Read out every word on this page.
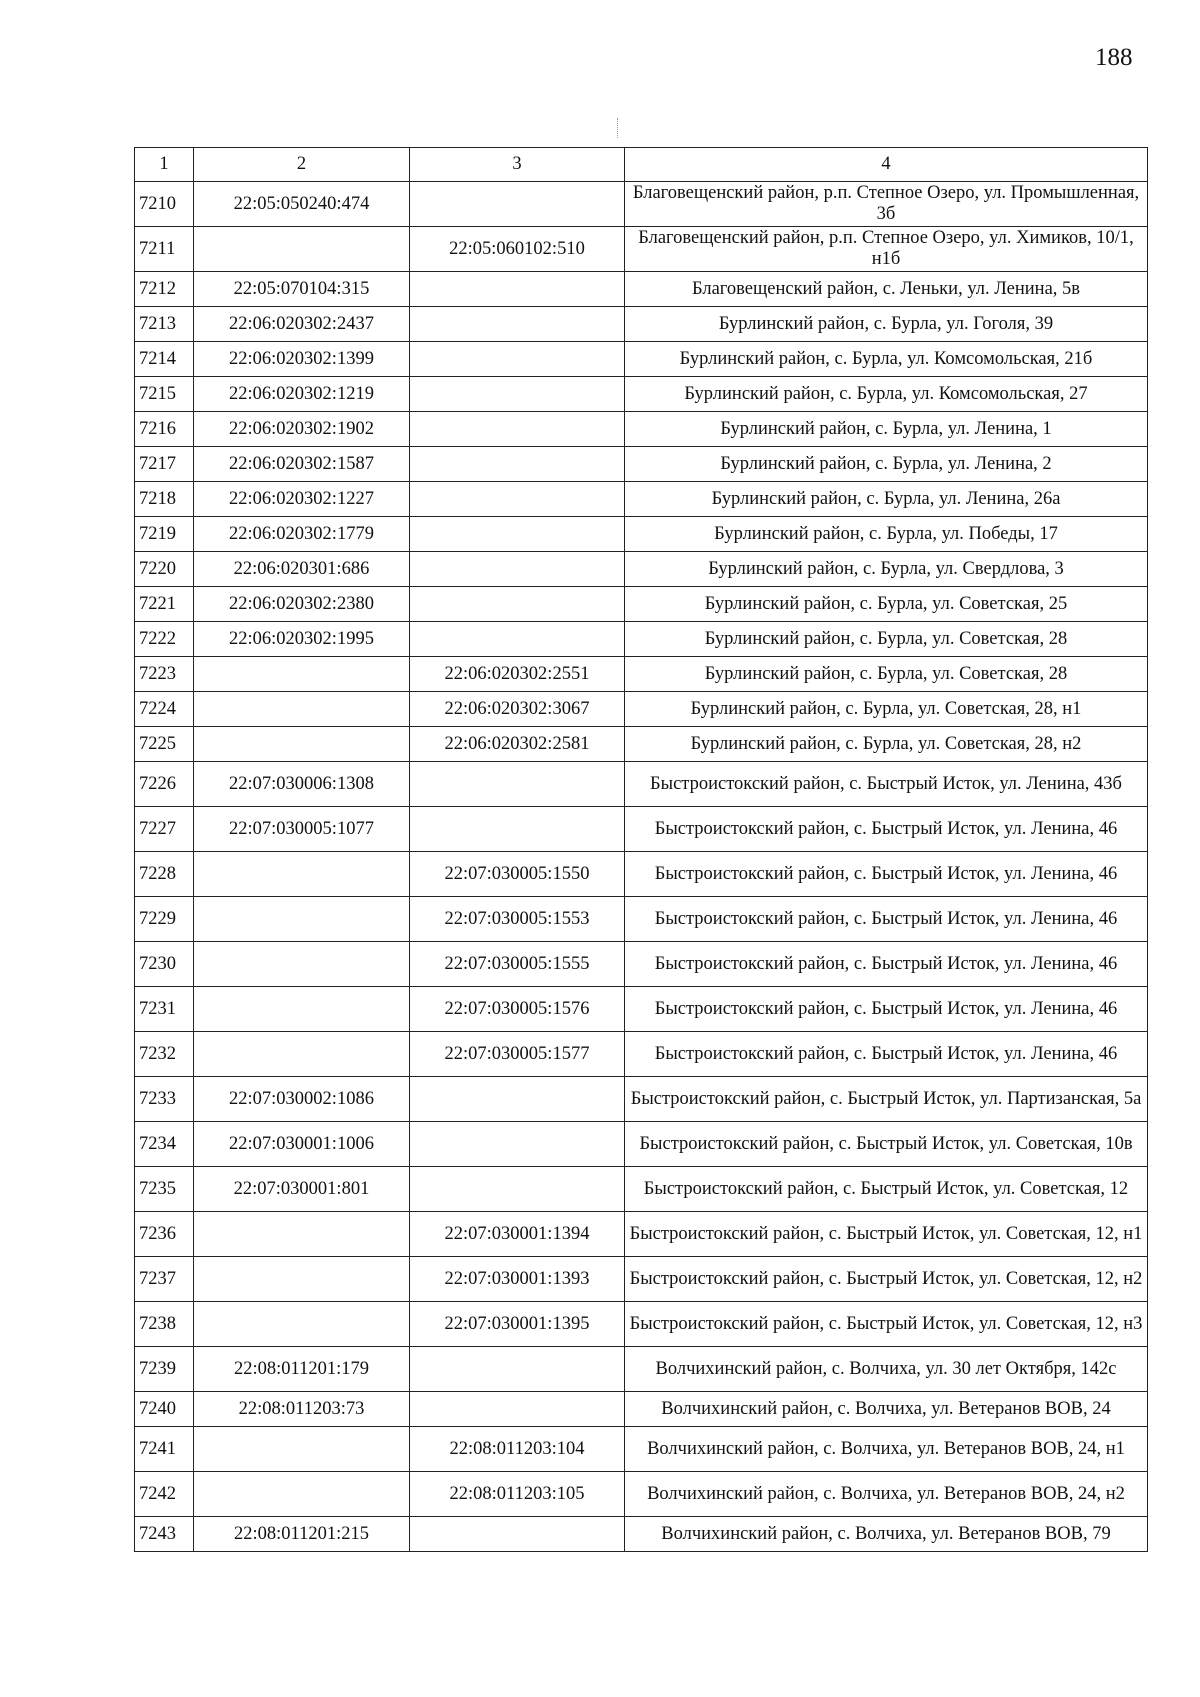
188
1	2	3	4
7210	22:05:050240:474		Благовещенский район, р.п. Степное Озеро, ул. Промышленная, 3б
7211		22:05:060102:510	Благовещенский район, р.п. Степное Озеро, ул. Химиков, 10/1, н1б
7212	22:05:070104:315		Благовещенский район, с. Леньки, ул. Ленина, 5в
7213	22:06:020302:2437		Бурлинский район, с. Бурла, ул. Гоголя, 39
7214	22:06:020302:1399		Бурлинский район, с. Бурла, ул. Комсомольская, 21б
7215	22:06:020302:1219		Бурлинский район, с. Бурла, ул. Комсомольская, 27
7216	22:06:020302:1902		Бурлинский район, с. Бурла, ул. Ленина, 1
7217	22:06:020302:1587		Бурлинский район, с. Бурла, ул. Ленина, 2
7218	22:06:020302:1227		Бурлинский район, с. Бурла, ул. Ленина, 26а
7219	22:06:020302:1779		Бурлинский район, с. Бурла, ул. Победы, 17
7220	22:06:020301:686		Бурлинский район, с. Бурла, ул. Свердлова, 3
7221	22:06:020302:2380		Бурлинский район, с. Бурла, ул. Советская, 25
7222	22:06:020302:1995		Бурлинский район, с. Бурла, ул. Советская, 28
7223		22:06:020302:2551	Бурлинский район, с. Бурла, ул. Советская, 28
7224		22:06:020302:3067	Бурлинский район, с. Бурла, ул. Советская, 28, н1
7225		22:06:020302:2581	Бурлинский район, с. Бурла, ул. Советская, 28, н2
7226	22:07:030006:1308		Быстроистокский район, с. Быстрый Исток, ул. Ленина, 43б
7227	22:07:030005:1077		Быстроистокский район, с. Быстрый Исток, ул. Ленина, 46
7228		22:07:030005:1550	Быстроистокский район, с. Быстрый Исток, ул. Ленина, 46
7229		22:07:030005:1553	Быстроистокский район, с. Быстрый Исток, ул. Ленина, 46
7230		22:07:030005:1555	Быстроистокский район, с. Быстрый Исток, ул. Ленина, 46
7231		22:07:030005:1576	Быстроистокский район, с. Быстрый Исток, ул. Ленина, 46
7232		22:07:030005:1577	Быстроистокский район, с. Быстрый Исток, ул. Ленина, 46
7233	22:07:030002:1086		Быстроистокский район, с. Быстрый Исток, ул. Партизанская, 5а
7234	22:07:030001:1006		Быстроистокский район, с. Быстрый Исток, ул. Советская, 10в
7235	22:07:030001:801		Быстроистокский район, с. Быстрый Исток, ул. Советская, 12
7236		22:07:030001:1394	Быстроистокский район, с. Быстрый Исток, ул. Советская, 12, н1
7237		22:07:030001:1393	Быстроистокский район, с. Быстрый Исток, ул. Советская, 12, н2
7238		22:07:030001:1395	Быстроистокский район, с. Быстрый Исток, ул. Советская, 12, н3
7239	22:08:011201:179		Волчихинский район, с. Волчиха, ул. 30 лет Октября, 142с
7240	22:08:011203:73		Волчихинский район, с. Волчиха, ул. Ветеранов ВОВ, 24
7241		22:08:011203:104	Волчихинский район, с. Волчиха, ул. Ветеранов ВОВ, 24, н1
7242		22:08:011203:105	Волчихинский район, с. Волчиха, ул. Ветеранов ВОВ, 24, н2
7243	22:08:011201:215		Волчихинский район, с. Волчиха, ул. Ветеранов ВОВ, 79
